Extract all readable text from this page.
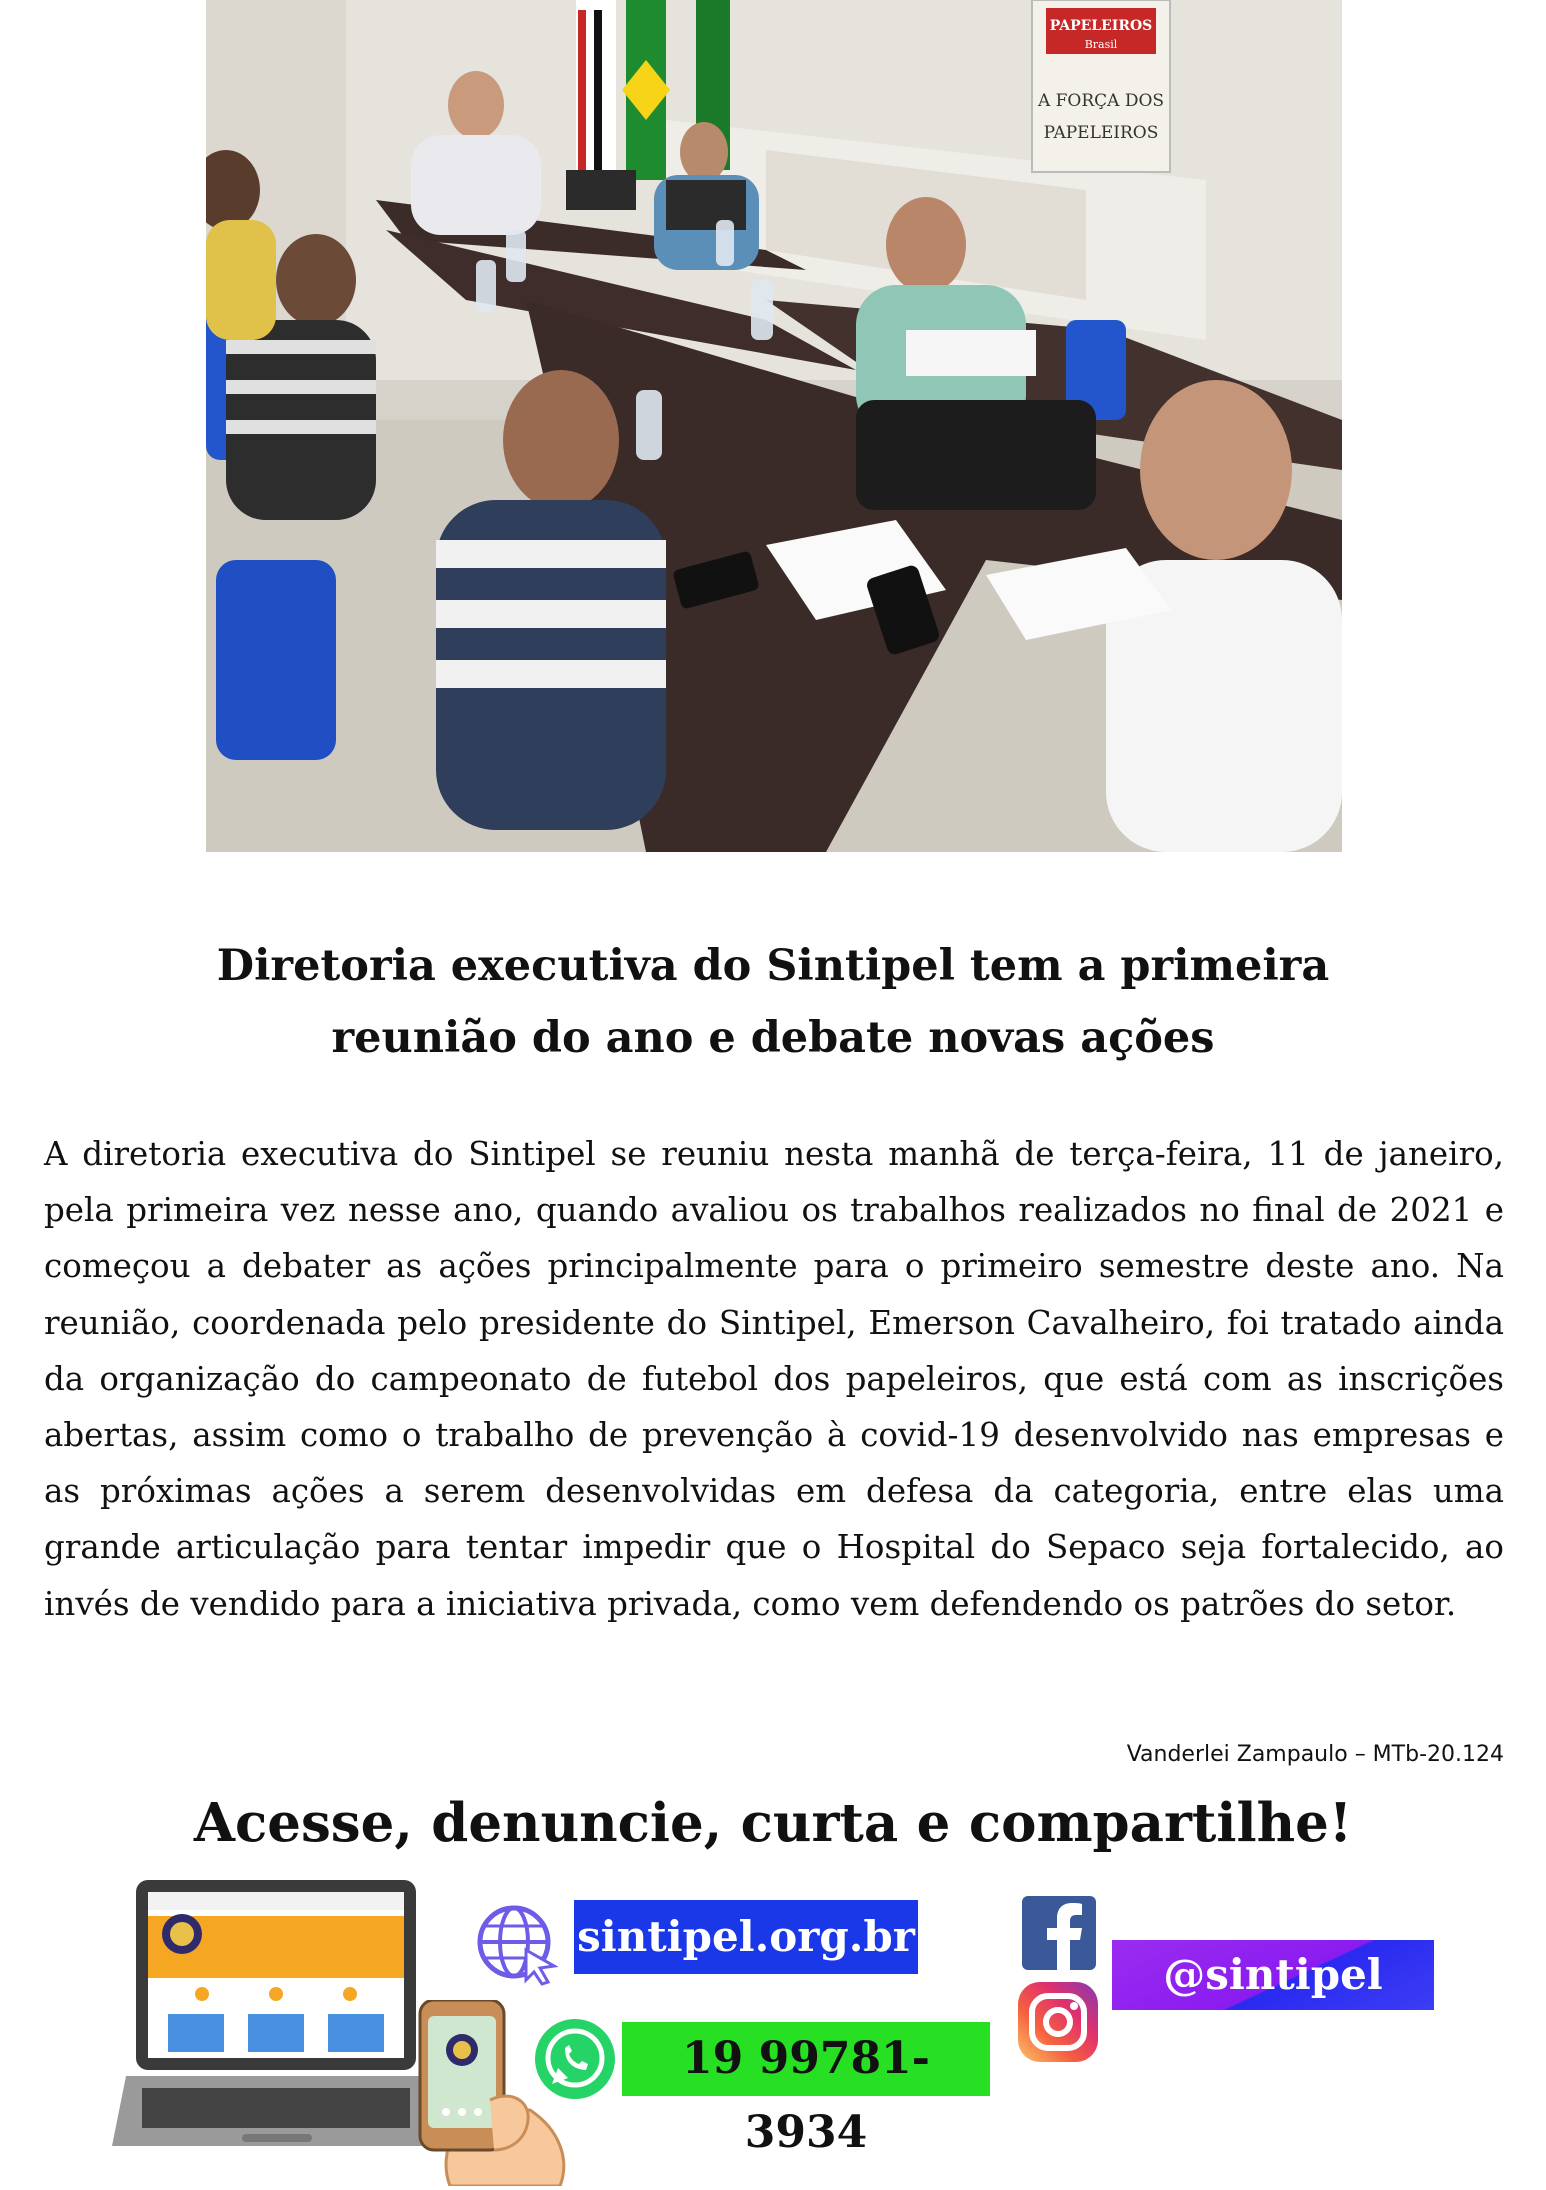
PAPELEIROS
Brasil
A FORÇA DOS
PAPELEIROS
Diretoria executiva do Sintipel tem a primeira
reunião do ano e debate novas ações

A diretoria executiva do Sintipel se reuniu nesta manhã de terça-feira, 11 de janeiro, pela primeira vez nesse ano, quando avaliou os trabalhos realizados no final de 2021 e começou a debater as ações principalmente para o primeiro semestre deste ano. Na reunião, coordenada pelo presidente do Sintipel, Emerson Cavalheiro, foi tratado ainda da organização do campeonato de futebol dos papeleiros, que está com as inscrições abertas, assim como o trabalho de prevenção à covid-19 desenvolvido nas empresas e as próximas ações a serem desenvolvidas em defesa da categoria, entre elas uma grande articulação para tentar impedir que o Hospital do Sepaco seja fortalecido, ao invés de vendido para a iniciativa privada, como vem defendendo os patrões do setor.

Vanderlei Zampaulo – MTb-20.124
Acesse, denuncie, curta e compartilhe!
sintipel.org.br
19 99781-3934
@sintipel
